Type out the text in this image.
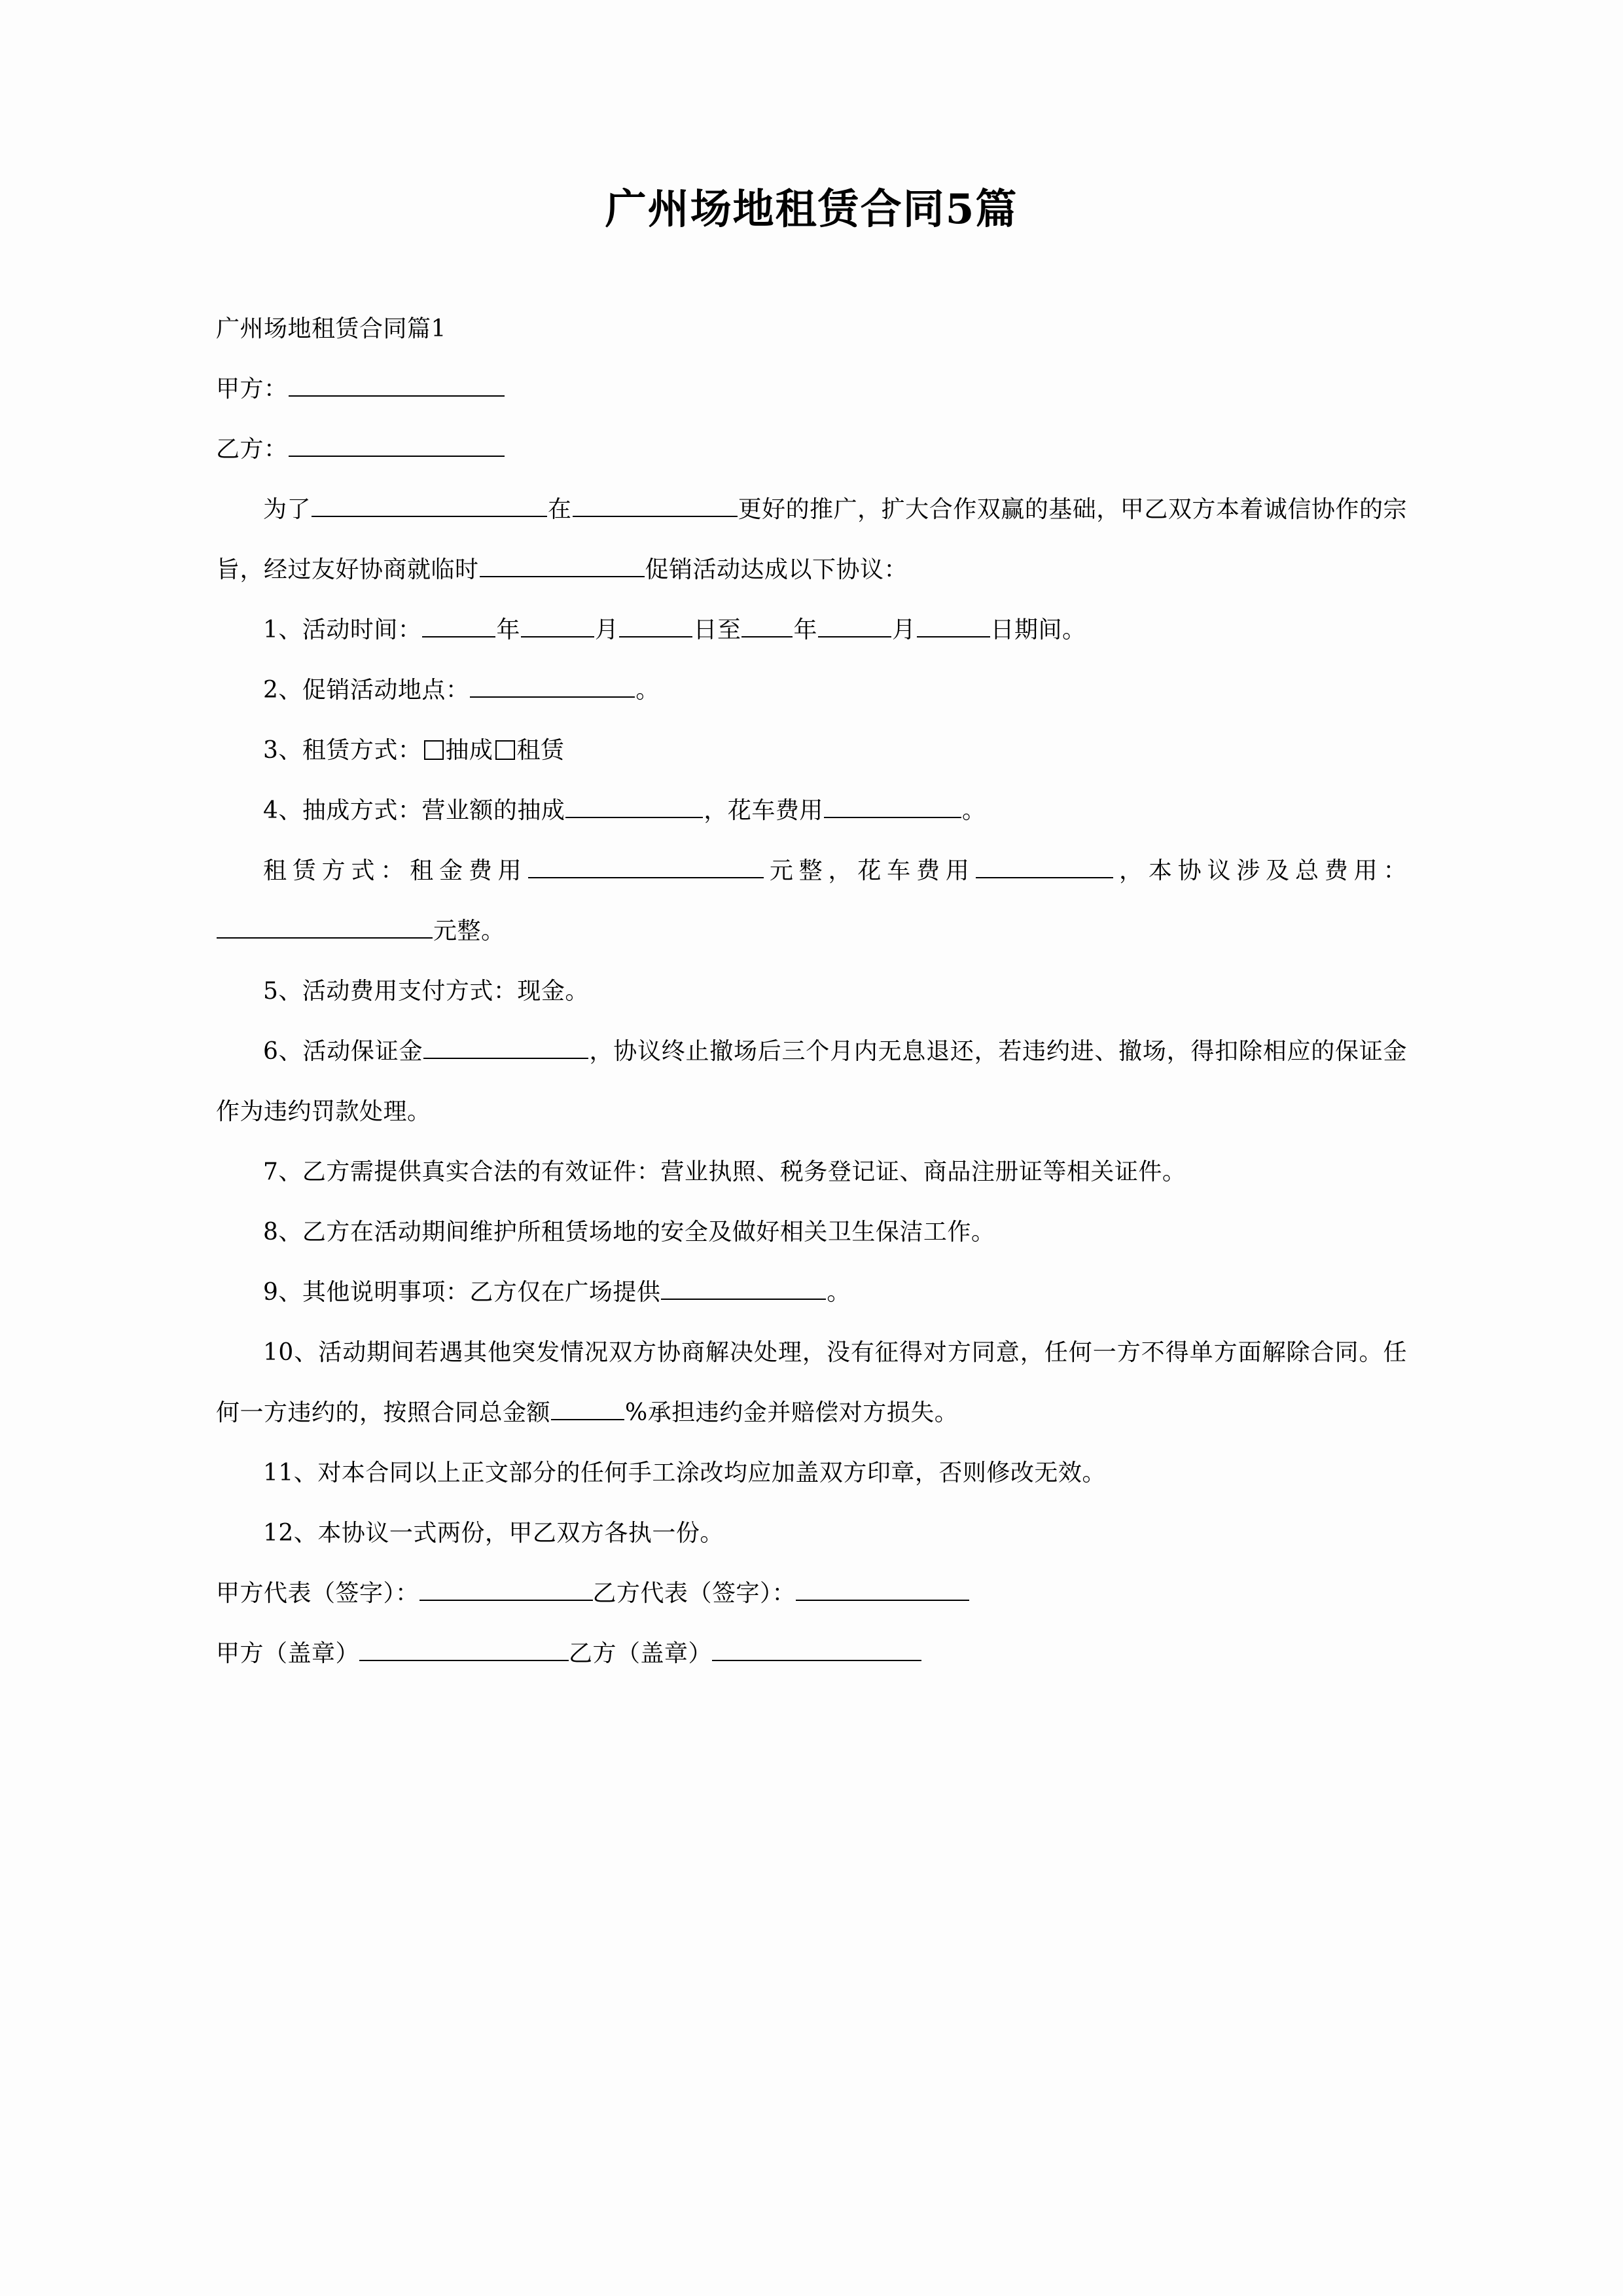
广州场地租赁合同5篇

广州场地租赁合同篇1

甲方：

乙方：

为了	在	更好的推广，扩大合作双赢的基础，甲乙双方本着诚信协作的宗旨，经过友好协商就临时	促销活动达成以下协议：

1、活动时间：	年	月	日至 年	月	日期间。

2、促销活动地点：	。

3、租赁方式： 抽成 租赁

4、抽成方式：营业额的抽成	，花车费用	。

租赁方式：租金费用	元整，花车费用	，本协议涉及总费用：元整。

5、活动费用支付方式：现金。

6、活动保证金	，协议终止撤场后三个月内无息退还，若违约进、撤场，得扣除相应的保证金作为违约罚款处理。

7、乙方需提供真实合法的有效证件：营业执照、税务登记证、商品注册证等相关证件。

8、乙方在活动期间维护所租赁场地的安全及做好相关卫生保洁工作。

9、其他说明事项：乙方仅在广场提供	。

10、活动期间若遇其他突发情况双方协商解决处理，没有征得对方同意，任何一方不得单方面解除合同。任何一方违约的，按照合同总金额	%承担违约金并赔偿对方损失。

11、对本合同以上正文部分的任何手工涂改均应加盖双方印章，否则修改无效。

12、本协议一式两份，甲乙双方各执一份。

甲方代表（签字）：	乙方代表（签字）：

甲方（盖章）	乙方（盖章）
